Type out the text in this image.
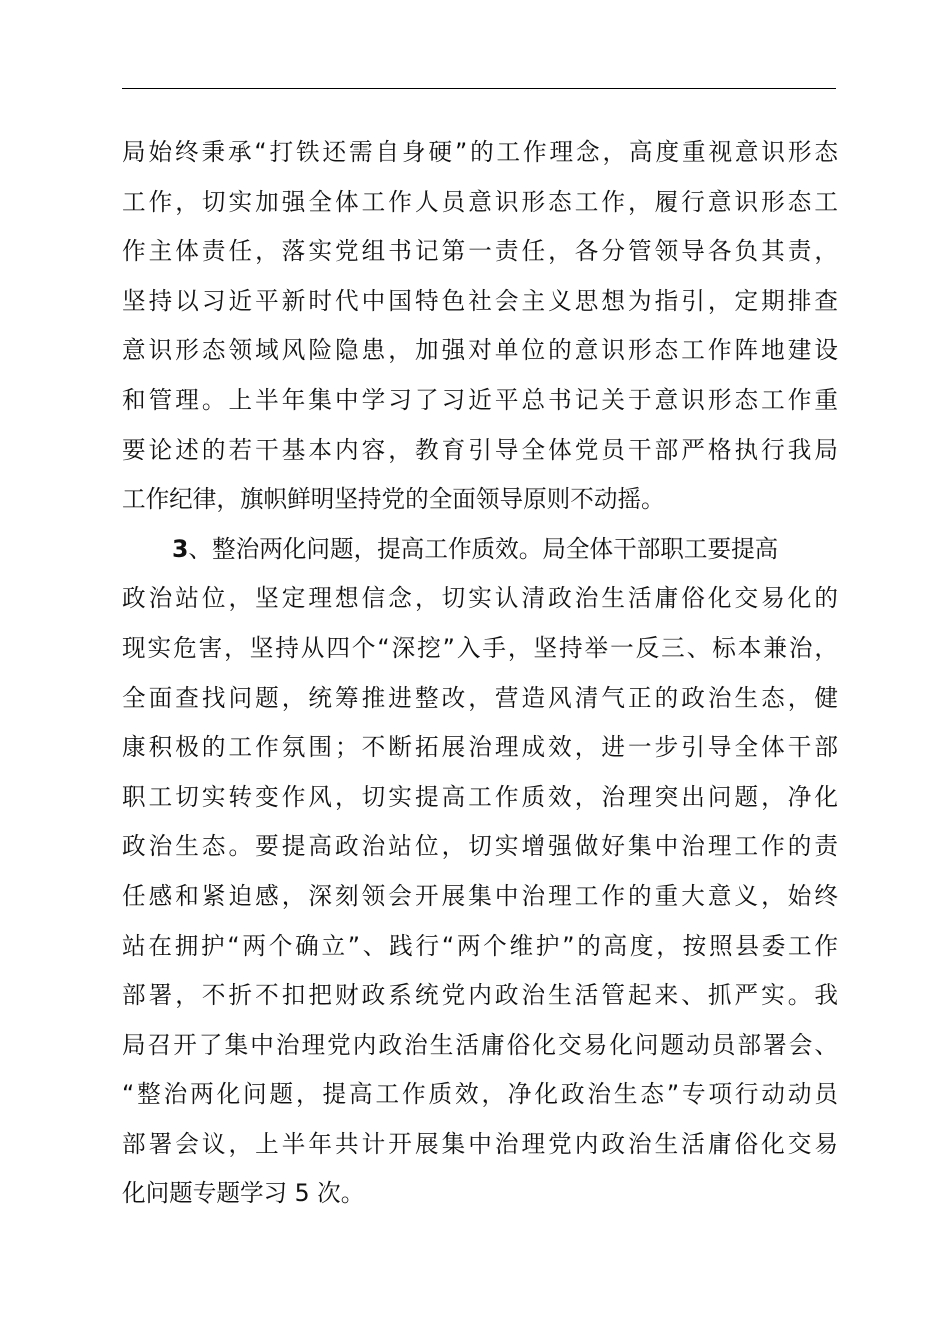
局始终秉承“打铁还需自身硬”的工作理念，高度重视意识形态
工作，切实加强全体工作人员意识形态工作，履行意识形态工
作主体责任，落实党组书记第一责任，各分管领导各负其责，
坚持以习近平新时代中国特色社会主义思想为指引，定期排查
意识形态领域风险隐患，加强对单位的意识形态工作阵地建设
和管理。上半年集中学习了习近平总书记关于意识形态工作重
要论述的若干基本内容，教育引导全体党员干部严格执行我局
工作纪律，旗帜鲜明坚持党的全面领导原则不动摇。
3、整治两化问题，提高工作质效。局全体干部职工要提高
政治站位，坚定理想信念，切实认清政治生活庸俗化交易化的
现实危害，坚持从四个“深挖”入手，坚持举一反三、标本兼治，
全面查找问题，统筹推进整改，营造风清气正的政治生态，健
康积极的工作氛围；不断拓展治理成效，进一步引导全体干部
职工切实转变作风，切实提高工作质效，治理突出问题，净化
政治生态。要提高政治站位，切实增强做好集中治理工作的责
任感和紧迫感，深刻领会开展集中治理工作的重大意义，始终
站在拥护“两个确立”、践行“两个维护”的高度，按照县委工作
部署，不折不扣把财政系统党内政治生活管起来、抓严实。我
局召开了集中治理党内政治生活庸俗化交易化问题动员部署会、
“整治两化问题，提高工作质效，净化政治生态”专项行动动员
部署会议，上半年共计开展集中治理党内政治生活庸俗化交易
化问题专题学习 5 次。
